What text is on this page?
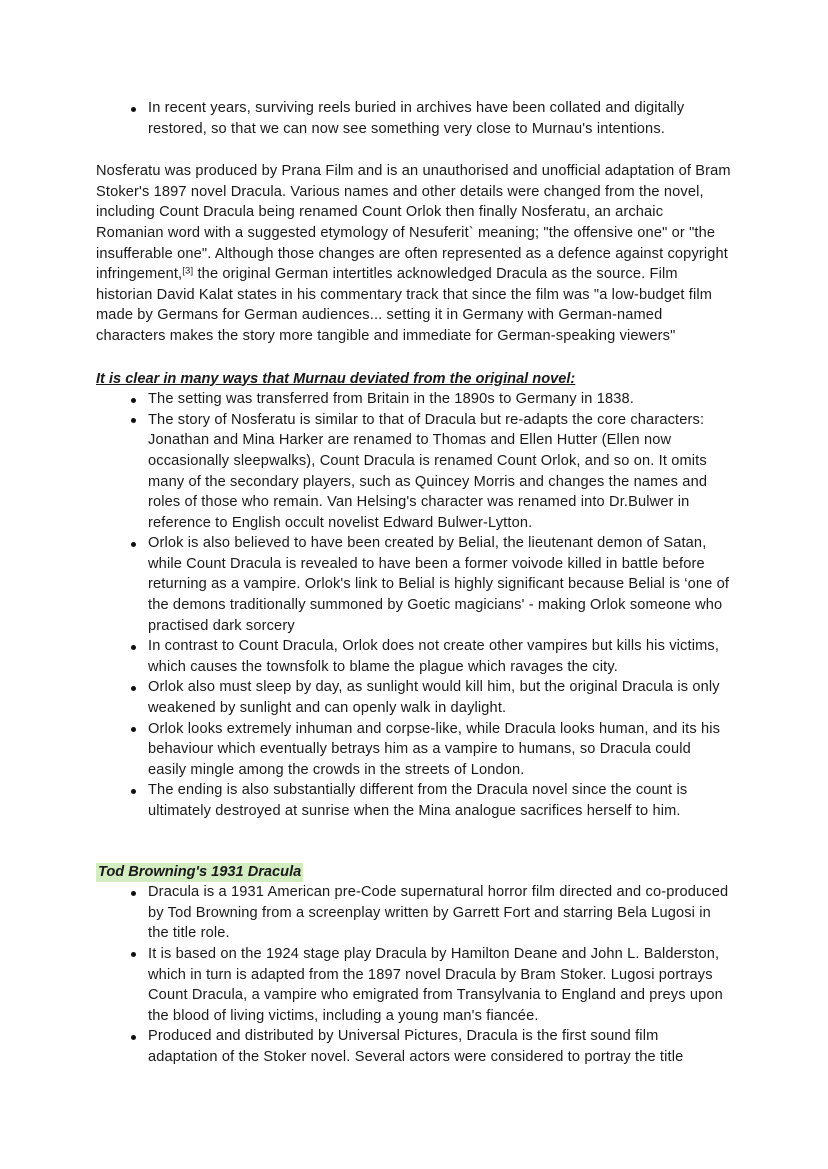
In recent years, surviving reels buried in archives have been collated and digitally restored, so that we can now see something very close to Murnau's intentions.

Nosferatu was produced by Prana Film and is an unauthorised and unofficial adaptation of Bram Stoker's 1897 novel Dracula. Various names and other details were changed from the novel, including Count Dracula being renamed Count Orlok then finally Nosferatu, an archaic Romanian word with a suggested etymology of Nesuferit` meaning; "the offensive one" or "the insufferable one". Although those changes are often represented as a defence against copyright infringement,[3] the original German intertitles acknowledged Dracula as the source. Film historian David Kalat states in his commentary track that since the film was "a low-budget film made by Germans for German audiences... setting it in Germany with German-named characters makes the story more tangible and immediate for German-speaking viewers"

It is clear in many ways that Murnau deviated from the original novel:
The setting was transferred from Britain in the 1890s to Germany in 1838.
The story of Nosferatu is similar to that of Dracula but re-adapts the core characters: Jonathan and Mina Harker are renamed to Thomas and Ellen Hutter (Ellen now occasionally sleepwalks), Count Dracula is renamed Count Orlok, and so on. It omits many of the secondary players, such as Quincey Morris and changes the names and roles of those who remain. Van Helsing's character was renamed into Dr.Bulwer in reference to English occult novelist Edward Bulwer-Lytton.
Orlok is also believed to have been created by Belial, the lieutenant demon of Satan, while Count Dracula is revealed to have been a former voivode killed in battle before returning as a vampire. Orlok's link to Belial is highly significant because Belial is ‘one of the demons traditionally summoned by Goetic magicians' - making Orlok someone who practised dark sorcery
In contrast to Count Dracula, Orlok does not create other vampires but kills his victims, which causes the townsfolk to blame the plague which ravages the city.
Orlok also must sleep by day, as sunlight would kill him, but the original Dracula is only weakened by sunlight and can openly walk in daylight.
Orlok looks extremely inhuman and corpse-like, while Dracula looks human, and its his behaviour which eventually betrays him as a vampire to humans, so Dracula could easily mingle among the crowds in the streets of London.
The ending is also substantially different from the Dracula novel since the count is ultimately destroyed at sunrise when the Mina analogue sacrifices herself to him.
Tod Browning's 1931 Dracula
Dracula is a 1931 American pre-Code supernatural horror film directed and co-produced by Tod Browning from a screenplay written by Garrett Fort and starring Bela Lugosi in the title role.
It is based on the 1924 stage play Dracula by Hamilton Deane and John L. Balderston, which in turn is adapted from the 1897 novel Dracula by Bram Stoker. Lugosi portrays Count Dracula, a vampire who emigrated from Transylvania to England and preys upon the blood of living victims, including a young man's fiancée.
Produced and distributed by Universal Pictures, Dracula is the first sound film adaptation of the Stoker novel. Several actors were considered to portray the title
